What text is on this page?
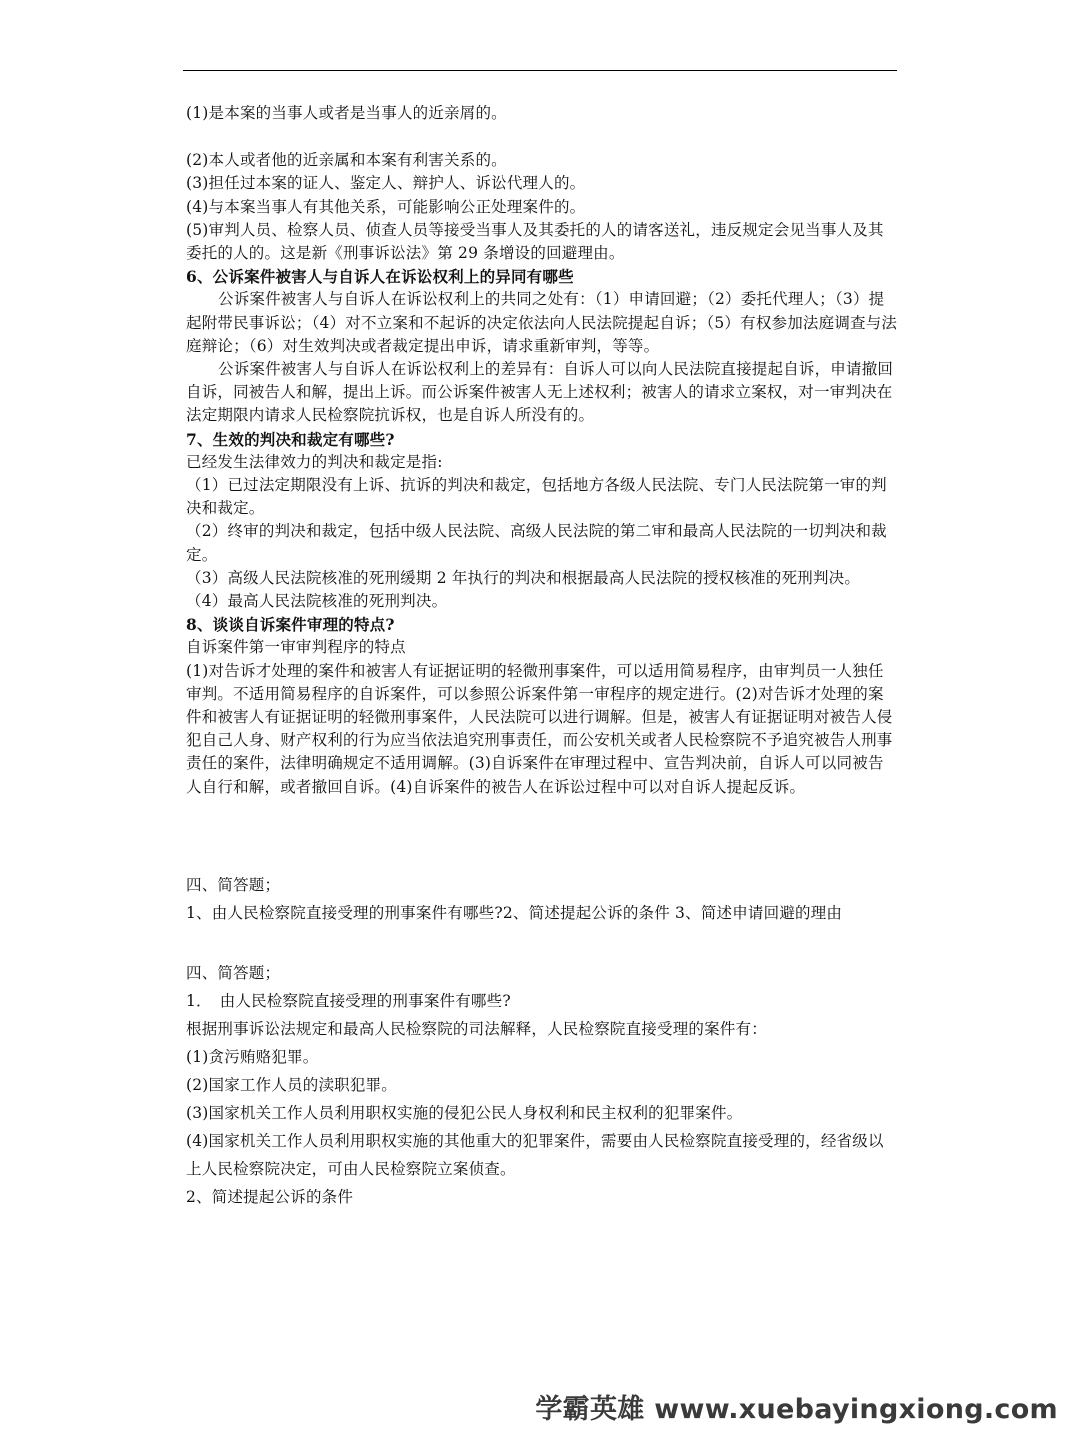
(1)是本案的当事人或者是当事人的近亲屑的。

(2)本人或者他的近亲属和本案有利害关系的。

(3)担任过本案的证人、鉴定人、辩护人、诉讼代理人的。

(4)与本案当事人有其他关系，可能影响公正处理案件的。

(5)审判人员、检察人员、侦查人员等接受当事人及其委托的人的请客送礼，违反规定会见当事人及其委托的人的。这是新《刑事诉讼法》第 29 条增设的回避理由。

6、公诉案件被害人与自诉人在诉讼权利上的异同有哪些

公诉案件被害人与自诉人在诉讼权利上的共同之处有：（1）申请回避；（2）委托代理人；（3）提起附带民事诉讼；（4）对不立案和不起诉的决定依法向人民法院提起自诉；（5）有权参加法庭调查与法庭辩论；（6）对生效判决或者裁定提出申诉，请求重新审判，等等。

公诉案件被害人与自诉人在诉讼权利上的差异有：自诉人可以向人民法院直接提起自诉，申请撤回自诉，同被告人和解，提出上诉。而公诉案件被害人无上述权利；被害人的请求立案权，对一审判决在法定期限内请求人民检察院抗诉权，也是自诉人所没有的。

7、生效的判决和裁定有哪些?

已经发生法律效力的判决和裁定是指:

（1）已过法定期限没有上诉、抗诉的判决和裁定，包括地方各级人民法院、专门人民法院第一审的判决和裁定。

（2）终审的判决和裁定，包括中级人民法院、高级人民法院的第二审和最高人民法院的一切判决和裁定。

（3）高级人民法院核准的死刑缓期 2 年执行的判决和根据最高人民法院的授权核准的死刑判决。

（4）最高人民法院核准的死刑判决。

8、谈谈自诉案件审理的特点?

自诉案件第一审审判程序的特点

(1)对告诉才处理的案件和被害人有证据证明的轻微刑事案件，可以适用简易程序，由审判员一人独任审判。不适用简易程序的自诉案件，可以参照公诉案件第一审程序的规定进行。(2)对告诉才处理的案件和被害人有证据证明的轻微刑事案件，人民法院可以进行调解。但是，被害人有证据证明对被告人侵犯自己人身、财产权利的行为应当依法追究刑事责任，而公安机关或者人民检察院不予追究被告人刑事责任的案件，法律明确规定不适用调解。(3)自诉案件在审理过程中、宣告判决前，自诉人可以同被告人自行和解，或者撤回自诉。(4)自诉案件的被告人在诉讼过程中可以对自诉人提起反诉。

四、简答题；

1、由人民检察院直接受理的刑事案件有哪些?2、简述提起公诉的条件 3、简述申请回避的理由

四、简答题；

1．　由人民检察院直接受理的刑事案件有哪些?

根据刑事诉讼法规定和最高人民检察院的司法解释，人民检察院直接受理的案件有：

(1)贪污贿赂犯罪。

(2)国家工作人员的渎职犯罪。

(3)国家机关工作人员利用职权实施的侵犯公民人身权利和民主权利的犯罪案件。

(4)国家机关工作人员利用职权实施的其他重大的犯罪案件，需要由人民检察院直接受理的，经省级以上人民检察院决定，可由人民检察院立案侦查。

2、简述提起公诉的条件

学霸英雄 www.xuebayingxiong.com
